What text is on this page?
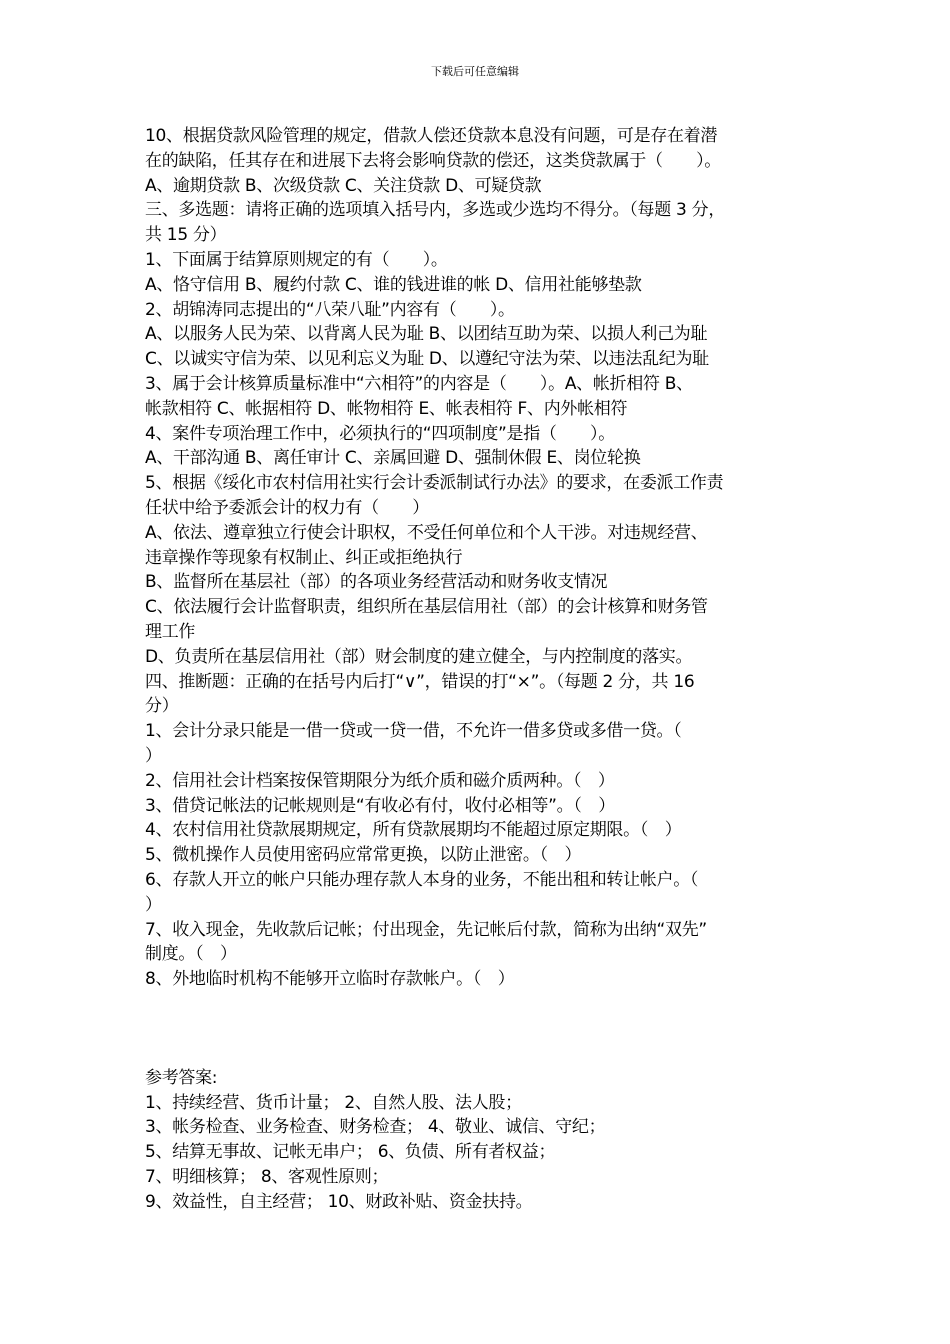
下载后可任意编辑
10、根据贷款风险管理的规定，借款人偿还贷款本息没有问题，可是存在着潜
在的缺陷，任其存在和进展下去将会影响贷款的偿还，这类贷款属于（　　）。
A、逾期贷款 B、次级贷款 C、关注贷款 D、可疑贷款
三、多选题：请将正确的选项填入括号内，多选或少选均不得分。（每题 3 分，
共 15 分）
1、下面属于结算原则规定的有（　　）。
A、恪守信用 B、履约付款 C、谁的钱进谁的帐 D、信用社能够垫款
2、胡锦涛同志提出的“八荣八耻”内容有（　　）。
A、以服务人民为荣、以背离人民为耻 B、以团结互助为荣、以损人利己为耻
C、以诚实守信为荣、以见利忘义为耻 D、以遵纪守法为荣、以违法乱纪为耻
3、属于会计核算质量标准中“六相符”的内容是（　　）。A、帐折相符 B、
帐款相符 C、帐据相符 D、帐物相符 E、帐表相符 F、内外帐相符
4、案件专项治理工作中，必须执行的“四项制度”是指（　　）。
A、干部沟通 B、离任审计 C、亲属回避 D、强制休假 E、岗位轮换
5、根据《绥化市农村信用社实行会计委派制试行办法》的要求，在委派工作责
任状中给予委派会计的权力有（　　）
A、依法、遵章独立行使会计职权，不受任何单位和个人干涉。对违规经营、
违章操作等现象有权制止、纠正或拒绝执行
B、监督所在基层社（部）的各项业务经营活动和财务收支情况
C、依法履行会计监督职责，组织所在基层信用社（部）的会计核算和财务管
理工作
D、负责所在基层信用社（部）财会制度的建立健全，与内控制度的落实。
四、推断题：正确的在括号内后打“∨”，错误的打“×”。（每题 2 分，共 16
分）
1、会计分录只能是一借一贷或一贷一借，不允许一借多贷或多借一贷。（
）
2、信用社会计档案按保管期限分为纸介质和磁介质两种。（　）
3、借贷记帐法的记帐规则是“有收必有付，收付必相等”。（　）
4、农村信用社贷款展期规定，所有贷款展期均不能超过原定期限。（　）
5、微机操作人员使用密码应常常更换，以防止泄密。（　）
6、存款人开立的帐户只能办理存款人本身的业务，不能出租和转让帐户。（
）
7、收入现金，先收款后记帐；付出现金，先记帐后付款，简称为出纳“双先”
制度。（　）
8、外地临时机构不能够开立临时存款帐户。（　）
参考答案:
1、持续经营、货币计量； 2、自然人股、法人股；
3、帐务检查、业务检查、财务检查； 4、敬业、诚信、守纪；
5、结算无事故、记帐无串户； 6、负债、所有者权益；
7、明细核算； 8、客观性原则；
9、效益性，自主经营； 10、财政补贴、资金扶持。
